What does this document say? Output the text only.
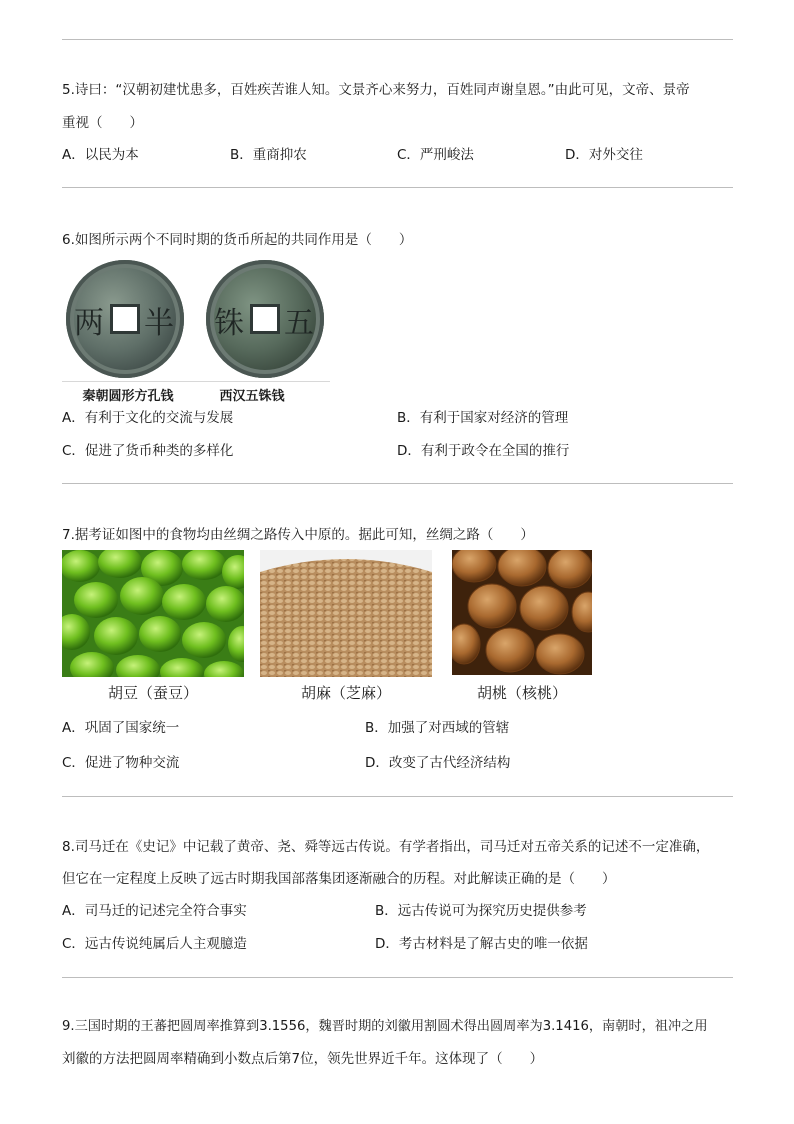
5.诗曰：“汉朝初建忧患多，百姓疾苦谁人知。文景齐心来努力，百姓同声谢皇恩。”由此可见，文帝、景帝
重视（　　）
A．以民为本	B．重商抑农	C．严刑峻法	D．对外交往
6.如图所示两个不同时期的货币所起的共同作用是（　　）
两 半 铢 五
秦朝圆形方孔钱	西汉五铢钱
A．有利于文化的交流与发展	B．有利于国家对经济的管理
C．促进了货币种类的多样化	D．有利于政令在全国的推行
7.据考证如图中的食物均由丝绸之路传入中原的。据此可知，丝绸之路（　　）
胡豆（蚕豆）	胡麻（芝麻）	胡桃（核桃）
A．巩固了国家统一	B．加强了对西域的管辖
C．促进了物种交流	D．改变了古代经济结构
8.司马迁在《史记》中记载了黄帝、尧、舜等远古传说。有学者指出，司马迁对五帝关系的记述不一定准确，
但它在一定程度上反映了远古时期我国部落集团逐渐融合的历程。对此解读正确的是（　　）
A．司马迁的记述完全符合事实	B．远古传说可为探究历史提供参考
C．远古传说纯属后人主观臆造	D．考古材料是了解古史的唯一依据
9.三国时期的王蕃把圆周率推算到3.1556，魏晋时期的刘徽用割圆术得出圆周率为3.1416，南朝时，祖冲之用
刘徽的方法把圆周率精确到小数点后第7位，领先世界近千年。这体现了（　　）
